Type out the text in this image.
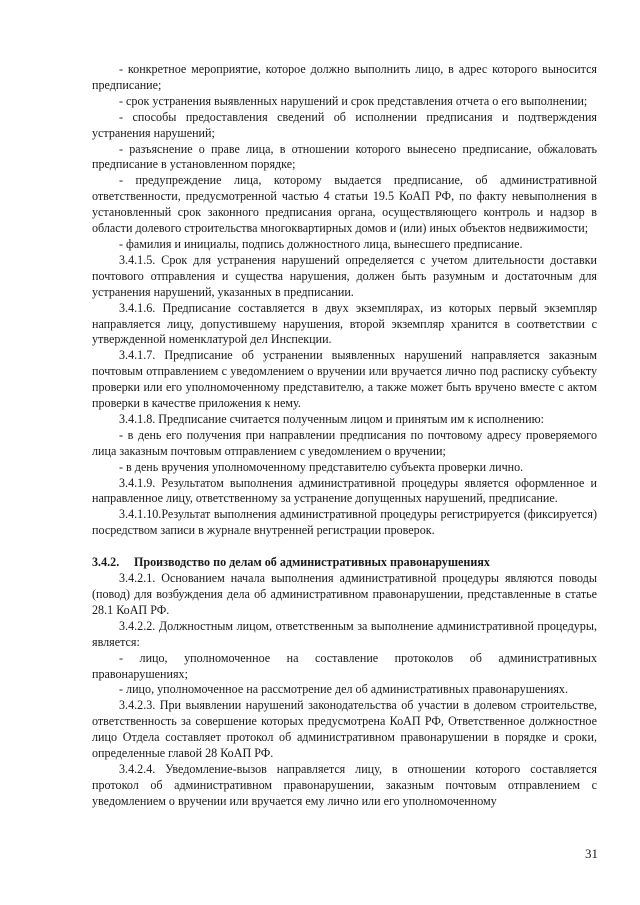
- конкретное мероприятие, которое должно выполнить лицо, в адрес которого выносится предписание;

- срок устранения выявленных нарушений и срок представления отчета о его выполнении;

- способы предоставления сведений об исполнении предписания и подтверждения устранения нарушений;

- разъяснение о праве лица, в отношении которого вынесено предписание, обжаловать предписание в установленном порядке;

- предупреждение лица, которому выдается предписание, об административной ответственности, предусмотренной частью 4 статьи 19.5 КоАП РФ, по факту невыполнения в установленный срок законного предписания органа, осуществляющего контроль и надзор в области долевого строительства многоквартирных домов и (или) иных объектов недвижимости;

- фамилия и инициалы, подпись должностного лица, вынесшего предписание.

3.4.1.5. Срок для устранения нарушений определяется с учетом длительности доставки почтового отправления и существа нарушения, должен быть разумным и достаточным для устранения нарушений, указанных в предписании.

3.4.1.6. Предписание составляется в двух экземплярах, из которых первый экземпляр направляется лицу, допустившему нарушения, второй экземпляр хранится в соответствии с утвержденной номенклатурой дел Инспекции.

3.4.1.7. Предписание об устранении выявленных нарушений направляется заказным почтовым отправлением с уведомлением о вручении или вручается лично под расписку субъекту проверки или его уполномоченному представителю, а также может быть вручено вместе с актом проверки в качестве приложения к нему.

3.4.1.8. Предписание считается полученным лицом и принятым им к исполнению:

- в день его получения при направлении предписания по почтовому адресу проверяемого лица заказным почтовым отправлением с уведомлением о вручении;

- в день вручения уполномоченному представителю субъекта проверки лично.

3.4.1.9. Результатом выполнения административной процедуры является оформленное и направленное лицу, ответственному за устранение допущенных нарушений, предписание.

3.4.1.10.Результат выполнения административной процедуры регистрируется (фиксируется) посредством записи в журнале внутренней регистрации проверок.

3.4.2. Производство по делам об административных правонарушениях

3.4.2.1. Основанием начала выполнения административной процедуры являются поводы (повод) для возбуждения дела об административном правонарушении, представленные в статье 28.1 КоАП РФ.

3.4.2.2. Должностным лицом, ответственным за выполнение административной процедуры, является:

- лицо, уполномоченное на составление протоколов об административных правонарушениях;

- лицо, уполномоченное на рассмотрение дел об административных правонарушениях.

3.4.2.3. При выявлении нарушений законодательства об участии в долевом строительстве, ответственность за совершение которых предусмотрена КоАП РФ, Ответственное должностное лицо Отдела составляет протокол об административном правонарушении в порядке и сроки, определенные главой 28 КоАП РФ.

3.4.2.4. Уведомление-вызов направляется лицу, в отношении которого составляется протокол об административном правонарушении, заказным почтовым отправлением с уведомлением о вручении или вручается ему лично или его уполномоченному

31
